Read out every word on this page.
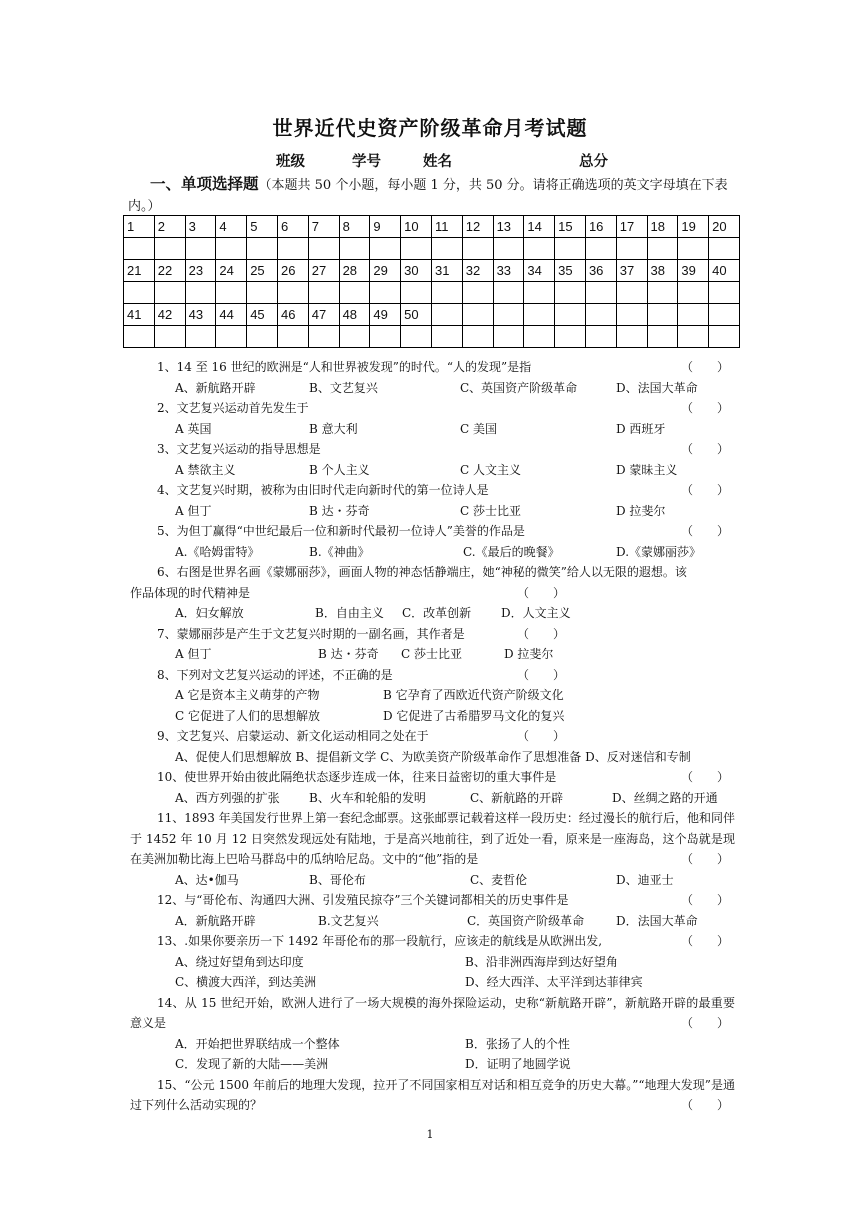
世界近代史资产阶级革命月考试题
班级	学号	姓名	总分
一、单项选择题（本题共 50 个小题，每小题 1 分，共 50 分。请将正确选项的英文字母填在下表内。）
1	2	3	4	5	6	7	8	9	10	11	12	13	14	15	16	17	18	19	20

21	22	23	24	25	26	27	28	29	30	31	32	33	34	35	36	37	38	39	40

41	42	43	44	45	46	47	48	49	50										

1、14 至 16 世纪的欧洲是“人和世界被发现”的时代。“人的发现”是指	（　　）
A、新航路开辟	B、文艺复兴	C、英国资产阶级革命	D、法国大革命
2、文艺复兴运动首先发生于	（　　）
A 英国	B 意大利	C 美国	D 西班牙
3、文艺复兴运动的指导思想是	（　　）
A 禁欲主义	B 个人主义	C 人文主义	D 蒙昧主义
4、文艺复兴时期，被称为由旧时代走向新时代的第一位诗人是	（　　）
A 但丁	B 达・芬奇	C 莎士比亚	D 拉斐尔
5、为但丁赢得“中世纪最后一位和新时代最初一位诗人”美誉的作品是	（　　）
A.《哈姆雷特》	B.《神曲》	C.《最后的晚餐》	D.《蒙娜丽莎》
6、右图是世界名画《蒙娜丽莎》，画面人物的神态恬静端庄，她“神秘的微笑”给人以无限的遐想。该
作品体现的时代精神是	（　　）
A．妇女解放	B．自由主义 C．改革创新 D．人文主义
7、蒙娜丽莎是产生于文艺复兴时期的一副名画，其作者是	（　　）
A 但丁	B 达・芬奇 C 莎士比亚	D 拉斐尔
8、下列对文艺复兴运动的评述，不正确的是	（　　）
A 它是资本主义萌芽的产物	B 它孕育了西欧近代资产阶级文化
C 它促进了人们的思想解放	D 它促进了古希腊罗马文化的复兴
9、文艺复兴、启蒙运动、新文化运动相同之处在于	（　　）
A、促使人们思想解放 B、提倡新文学 C、为欧美资产阶级革命作了思想准备 D、反对迷信和专制
10、使世界开始由彼此隔绝状态逐步连成一体，往来日益密切的重大事件是	（　　）
A、西方列强的扩张 B、火车和轮船的发明	C、新航路的开辟	D、丝绸之路的开通
11、1893 年美国发行世界上第一套纪念邮票。这张邮票记载着这样一段历史：经过漫长的航行后，他和同伴于 1452 年 10 月 12 日突然发现远处有陆地，于是高兴地前往，到了近处一看，原来是一座海岛，这个岛就是现在美洲加勒比海上巴哈马群岛中的瓜纳哈尼岛。文中的“他”指的是
A、达•伽马	B、哥伦布	C、麦哲伦	D、迪亚士
（　　）
12、与“哥伦布、沟通四大洲、引发殖民掠夺”三个关键词都相关的历史事件是	（　　）
A．新航路开辟	B.文艺复兴	C．英国资产阶级革命	D．法国大革命
13、.如果你要亲历一下 1492 年哥伦布的那一段航行，应该走的航线是从欧洲出发,	（　　）
A、绕过好望角到达印度	B、沿非洲西海岸到达好望角
C、横渡大西洋，到达美洲	D、经大西洋、太平洋到达菲律宾
14、从 15 世纪开始，欧洲人进行了一场大规模的海外探险运动，史称“新航路开辟”，新航路开辟的最重要意义是	（　　）
A．开始把世界联结成一个整体	B．张扬了人的个性
C．发现了新的大陆——美洲	D．证明了地圆学说
15、“公元 1500 年前后的地理大发现，拉开了不同国家相互对话和相互竞争的历史大幕。”“地理大发现”是通过下列什么活动实现的？	（　　）
1
